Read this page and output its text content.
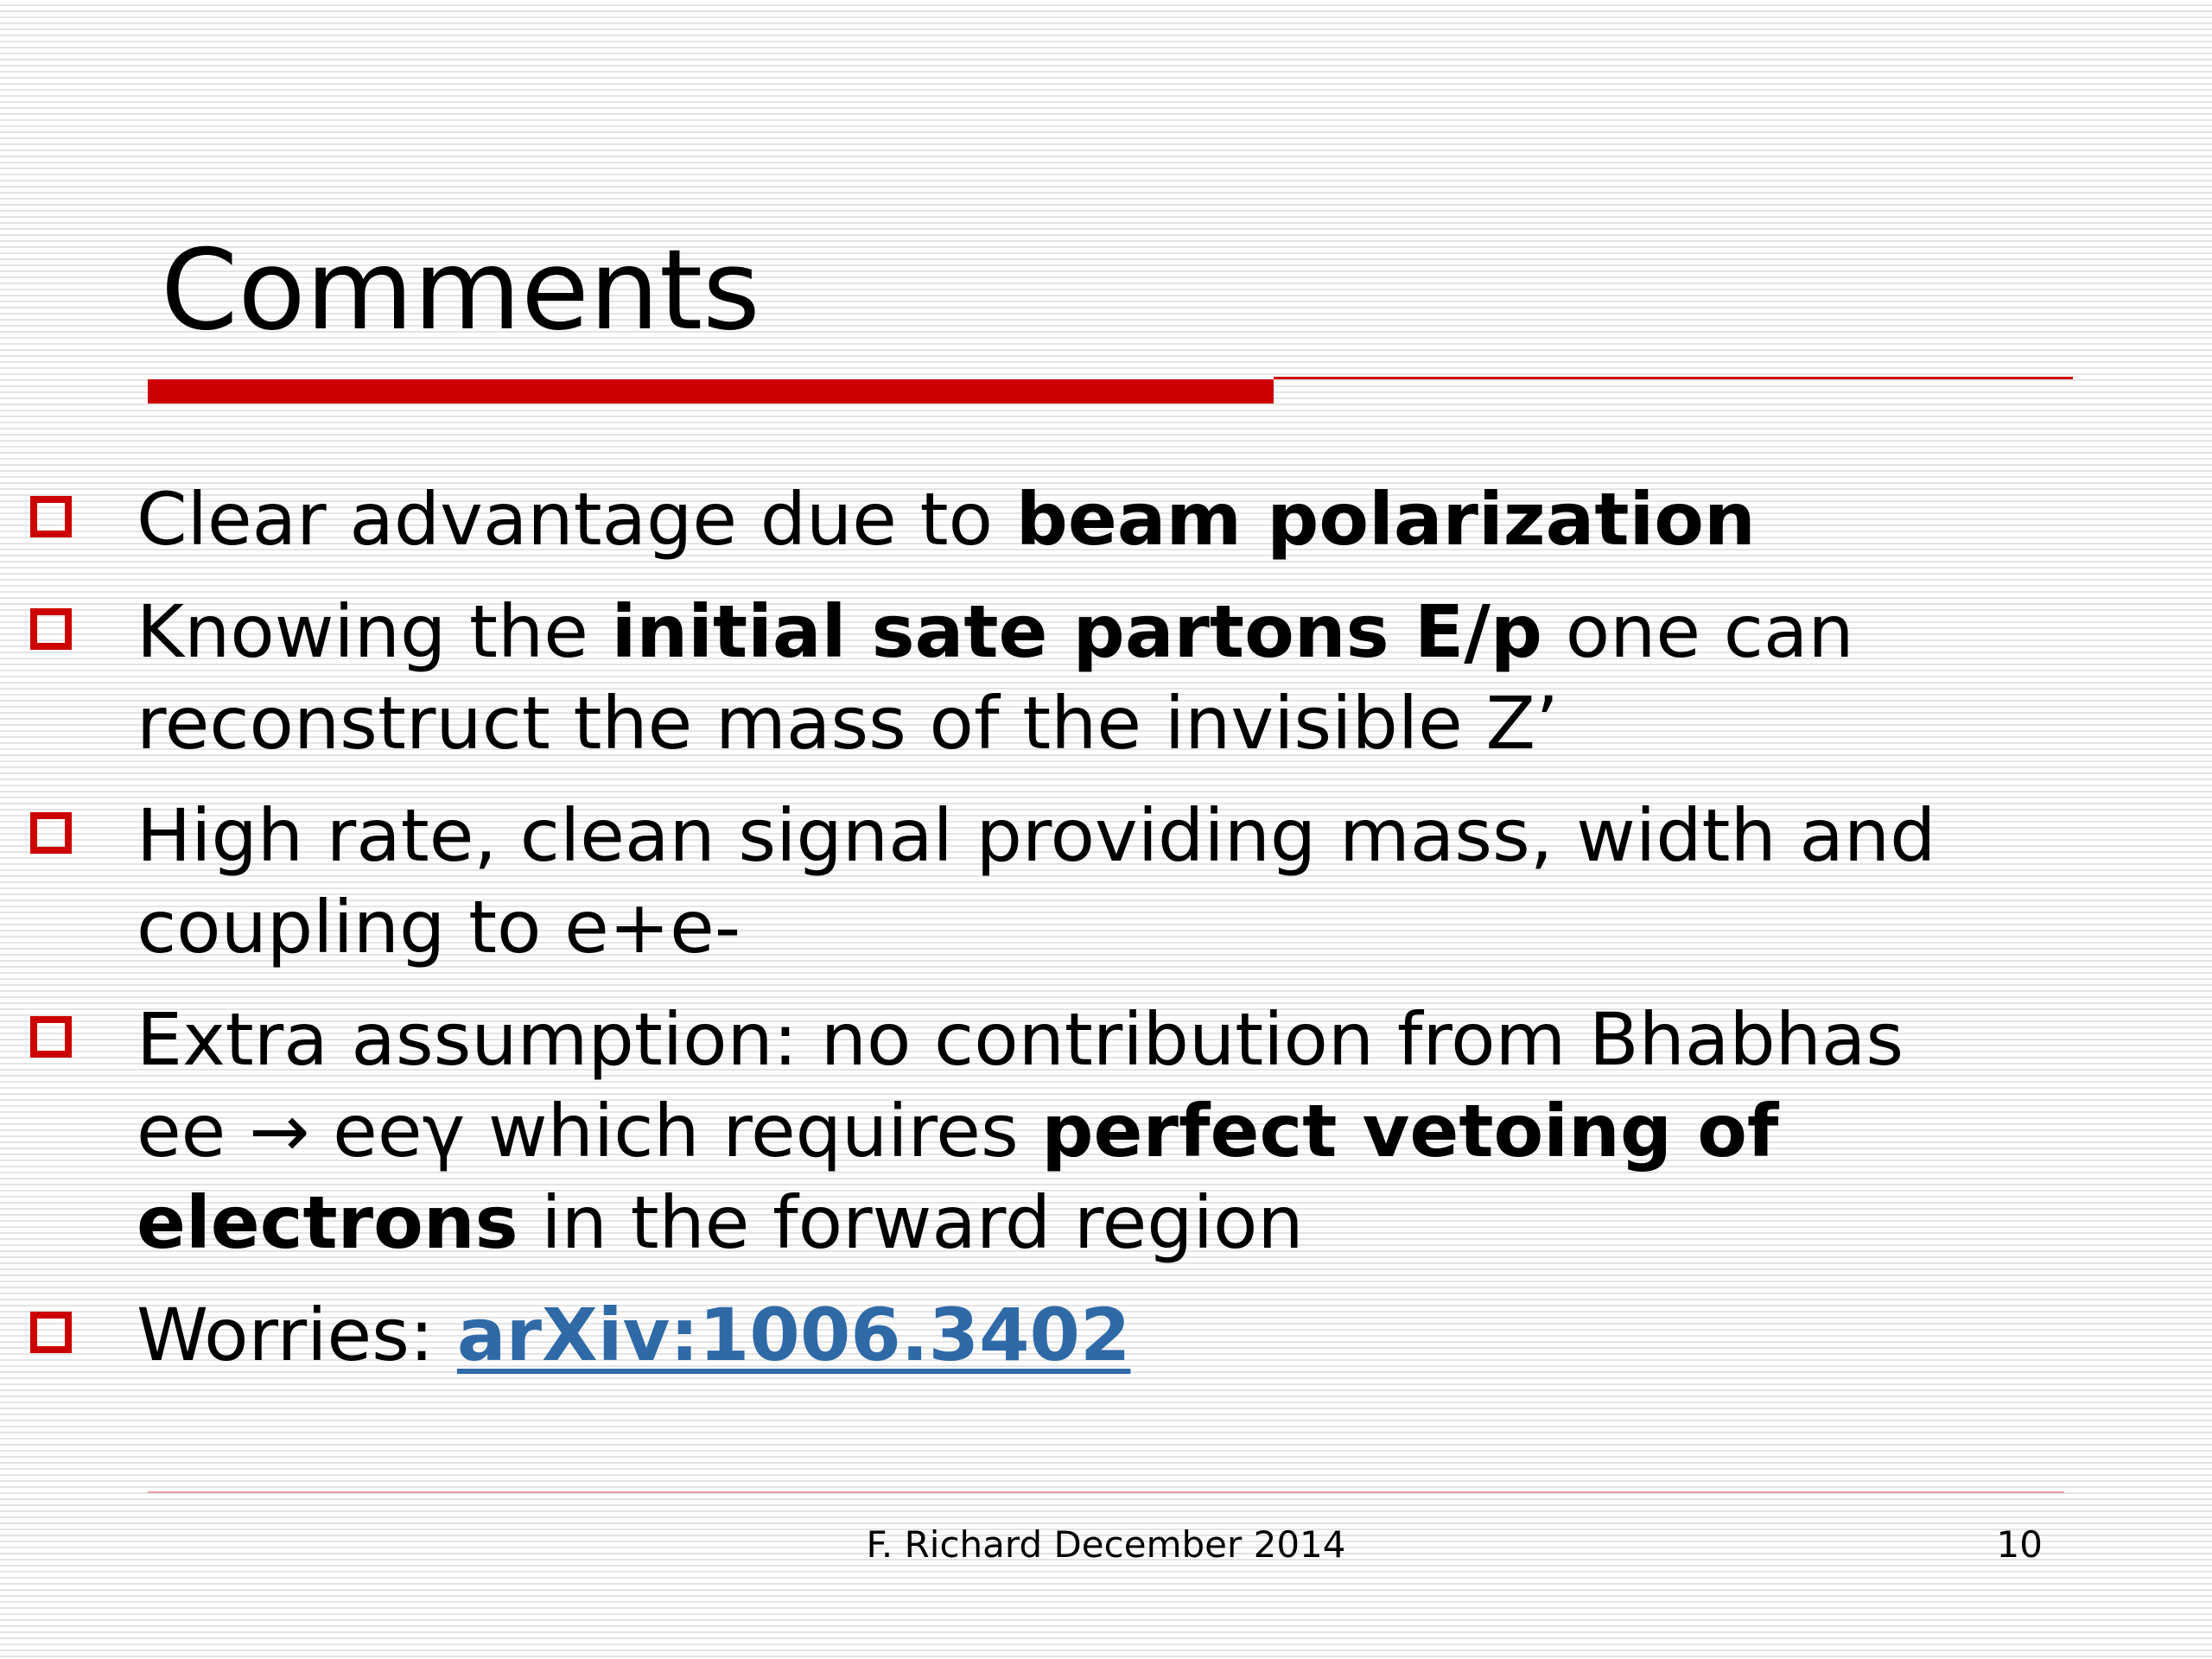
Comments
Clear advantage due to beam polarization
Knowing the initial sate partons E/p one can
reconstruct the mass of the invisible Z’
High rate, clean signal providing mass, width and
coupling to e+e-
Extra assumption: no contribution from Bhabhas
ee → eeγ which requires perfect vetoing of
electrons in the forward region
Worries: arXiv:1006.3402
F. Richard December 2014	10
